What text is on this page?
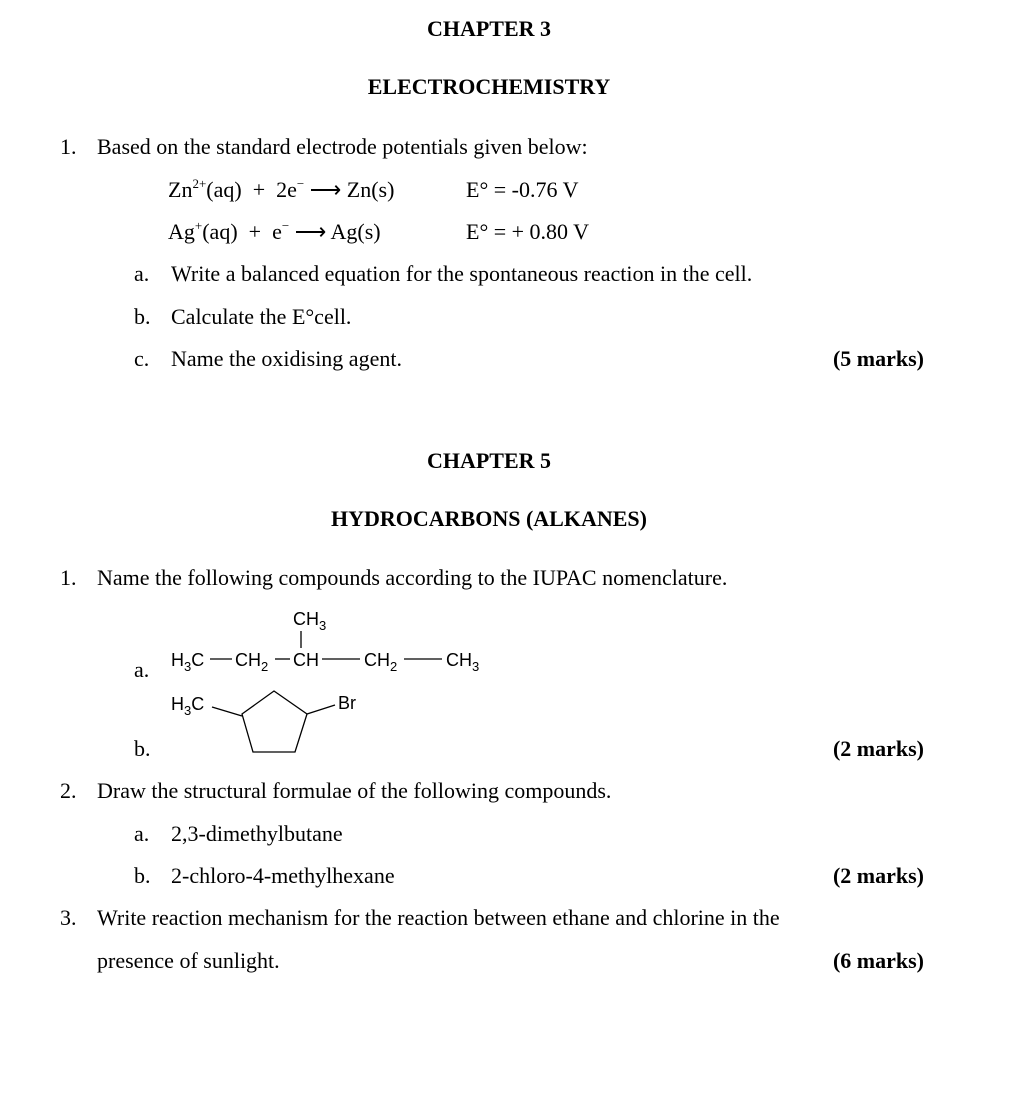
CHAPTER 3
ELECTROCHEMISTRY
1. Based on the standard electrode potentials given below:
$Zn^{2+}(aq) + 2e^-$ ⟶ Zn(s)	E° = -0.76 V
Ag+(aq) + e− ⟶ Ag(s)	E° = + 0.80 V
a. Write a balanced equation for the spontaneous reaction in the cell.
b. Calculate the E°cell.
c. Name the oxidising agent.	(5 marks)
CHAPTER 5
HYDROCARBONS (ALKANES)
1. Name the following compounds according to the IUPAC nomenclature.
a.
b.
$CH_3$
$H_3C$ $CH_2$ CH	$CH_2$	$CH_3$
$H_3C$	Br
(2 marks)
2. Draw the structural formulae of the following compounds.
a. 2,3-dimethylbutane
b. 2-chloro-4-methylhexane	(2 marks)
3. Write reaction mechanism for the reaction between ethane and chlorine in the
presence of sunlight.	(6 marks)
